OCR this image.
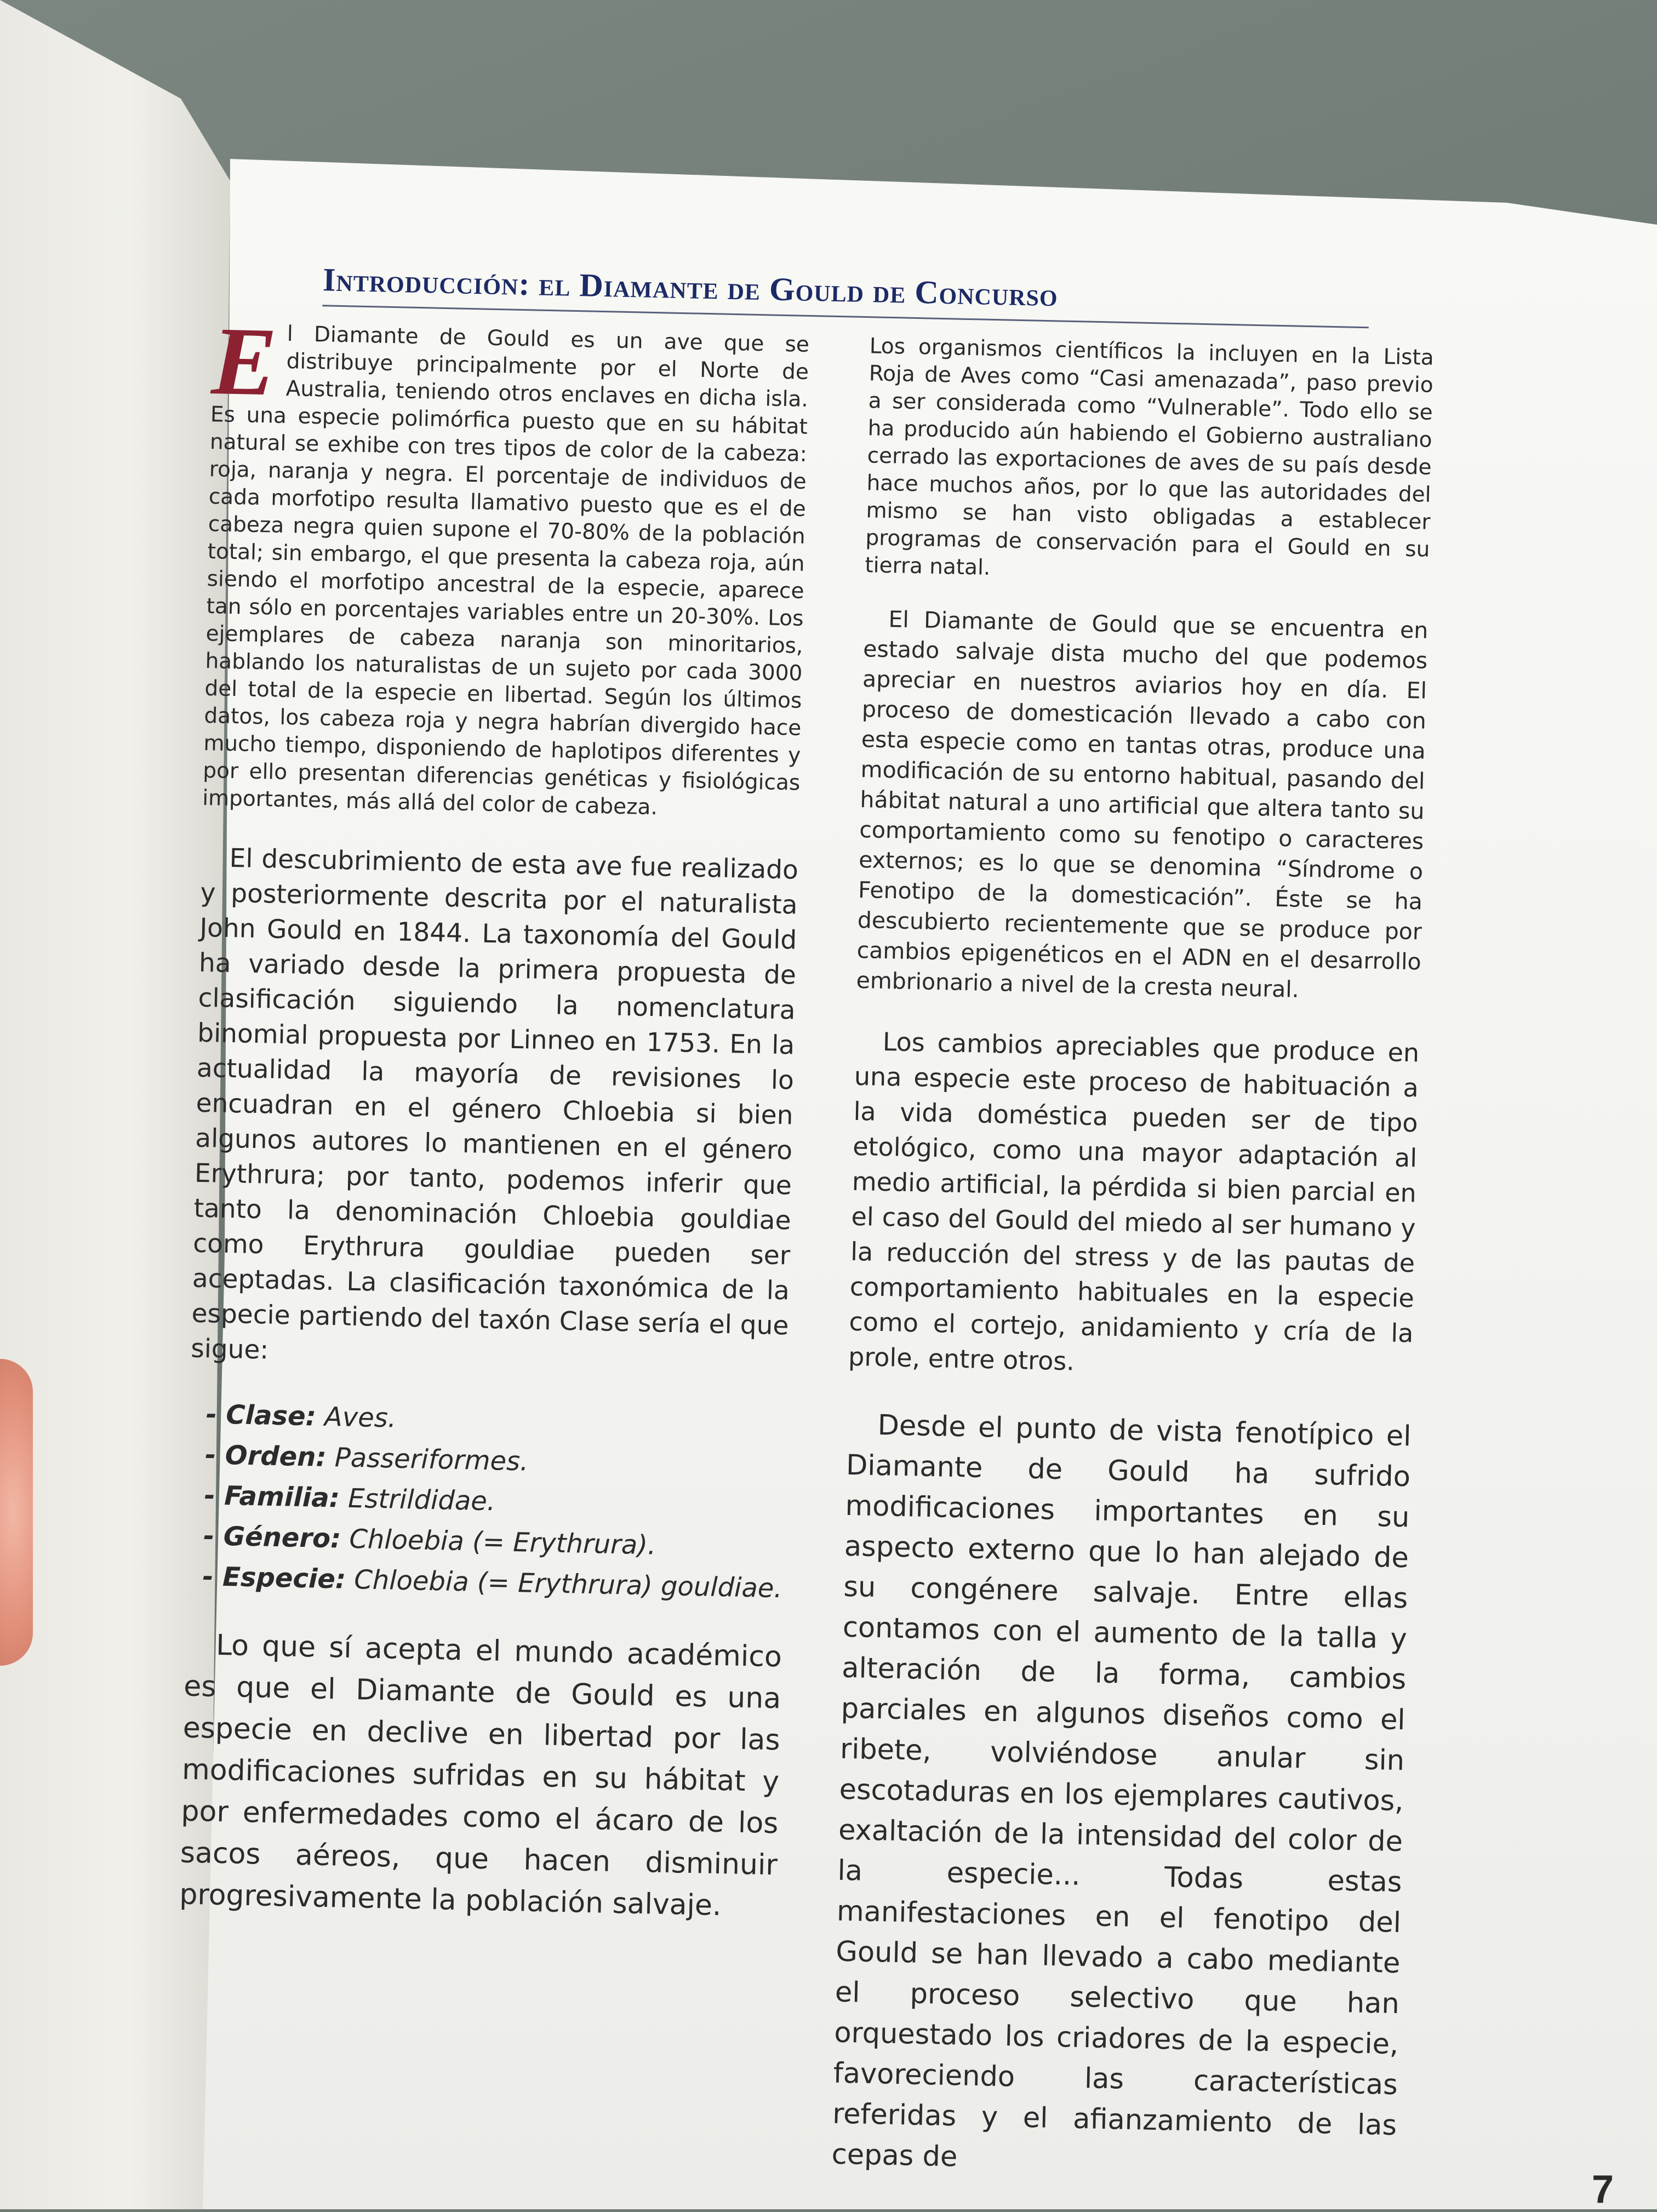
Introducción: el Diamante de Gould de Concurso

El Diamante de Gould es un ave que se distribuye principalmente por el Norte de Australia, teniendo otros enclaves en dicha isla. Es una especie polimórfica puesto que en su hábitat natural se exhibe con tres tipos de color de la cabeza: roja, naranja y negra. El porcentaje de individuos de cada morfotipo resulta llamativo puesto que es el de cabeza negra quien supone el 70-80% de la población total; sin embargo, el que presenta la cabeza roja, aún siendo el morfotipo ancestral de la especie, aparece tan sólo en porcentajes variables entre un 20-30%. Los ejemplares de cabeza naranja son minoritarios, hablando los naturalistas de un sujeto por cada 3000 del total de la especie en libertad. Según los últimos datos, los cabeza roja y negra habrían divergido hace mucho tiempo, disponiendo de haplotipos diferentes y por ello presentan diferencias genéticas y fisiológicas importantes, más allá del color de cabeza.

El descubrimiento de esta ave fue realizado y posteriormente descrita por el naturalista John Gould en 1844. La taxonomía del Gould ha variado desde la primera propuesta de clasificación siguiendo la nomenclatura binomial propuesta por Linneo en 1753. En la actualidad la mayoría de revisiones lo encuadran en el género Chloebia si bien algunos autores lo mantienen en el género Erythrura; por tanto, podemos inferir que tanto la denominación Chloebia gouldiae como Erythrura gouldiae pueden ser aceptadas. La clasificación taxonómica de la especie partiendo del taxón Clase sería el que sigue:

- Clase: Aves.
- Orden: Passeriformes.
- Familia: Estrildidae.
- Género: Chloebia (= Erythrura).
- Especie: Chloebia (= Erythrura) gouldiae.

Lo que sí acepta el mundo académico es que el Diamante de Gould es una especie en declive en libertad por las modificaciones sufridas en su hábitat y por enfermedades como el ácaro de los sacos aéreos, que hacen disminuir progresivamente la población salvaje.

Los organismos científicos la incluyen en la Lista Roja de Aves como “Casi amenazada”, paso previo a ser considerada como “Vulnerable”. Todo ello se ha producido aún habiendo el Gobierno australiano cerrado las exportaciones de aves de su país desde hace muchos años, por lo que las autoridades del mismo se han visto obligadas a establecer programas de conservación para el Gould en su tierra natal.

El Diamante de Gould que se encuentra en estado salvaje dista mucho del que podemos apreciar en nuestros aviarios hoy en día. El proceso de domesticación llevado a cabo con esta especie como en tantas otras, produce una modificación de su entorno habitual, pasando del hábitat natural a uno artificial que altera tanto su comportamiento como su fenotipo o caracteres externos; es lo que se denomina “Síndrome o Fenotipo de la domesticación”. Éste se ha descubierto recientemente que se produce por cambios epigenéticos en el ADN en el desarrollo embrionario a nivel de la cresta neural.

Los cambios apreciables que produce en una especie este proceso de habituación a la vida doméstica pueden ser de tipo etológico, como una mayor adaptación al medio artificial, la pérdida si bien parcial en el caso del Gould del miedo al ser humano y la reducción del stress y de las pautas de comportamiento habituales en la especie como el cortejo, anidamiento y cría de la prole, entre otros.

Desde el punto de vista fenotípico el Diamante de Gould ha sufrido modificaciones importantes en su aspecto externo que lo han alejado de su congénere salvaje. Entre ellas contamos con el aumento de la talla y alteración de la forma, cambios parciales en algunos diseños como el ribete, volviéndose anular sin escotaduras en los ejemplares cautivos, exaltación de la intensidad del color de la especie... Todas estas manifestaciones en el fenotipo del Gould se han llevado a cabo mediante el proceso selectivo que han orquestado los criadores de la especie, favoreciendo las características referidas y el afianzamiento de las cepas de

7
